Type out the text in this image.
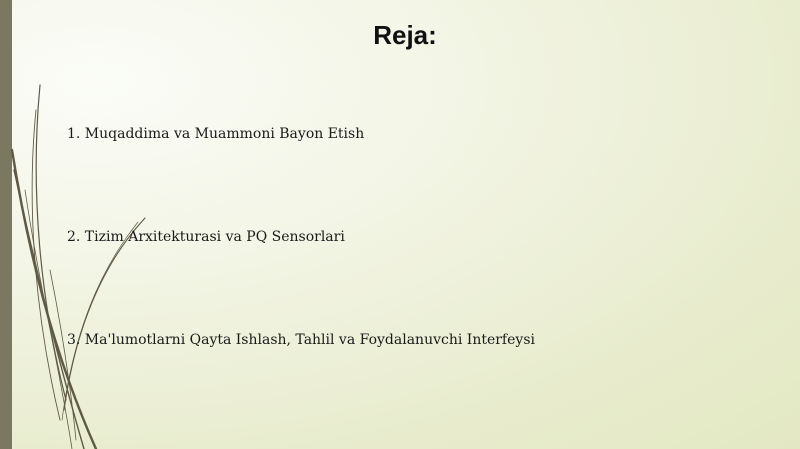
Reja:
1. Muqaddima va Muammoni Bayon Etish
2. Tizim Arxitekturasi va PQ Sensorlari
3. Ma'lumotlarni Qayta Ishlash, Tahlil va Foydalanuvchi Interfeysi
